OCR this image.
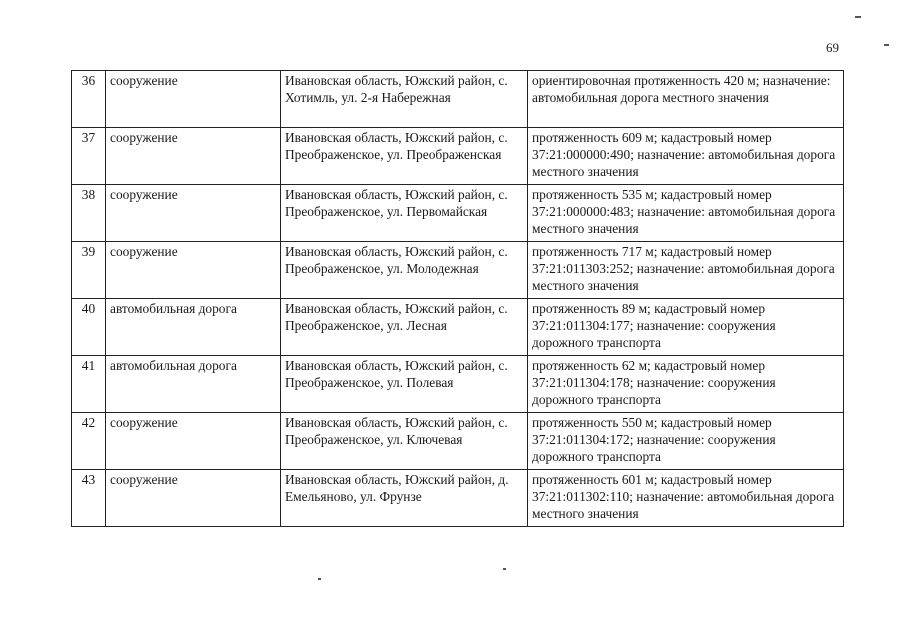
69
36	сооружение	Ивановская область, Южский район, с. Хотимль, ул. 2-я Набережная	ориентировочная протяженность 420 м; назначение: автомобильная дорога местного значения
37	сооружение	Ивановская область, Южский район, с. Преображенское, ул. Преображенская	протяженность 609 м; кадастровый номер 37:21:000000:490; назначение: автомобильная дорога местного значения
38	сооружение	Ивановская область, Южский район, с. Преображенское, ул. Первомайская	протяженность 535 м; кадастровый номер 37:21:000000:483; назначение: автомобильная дорога местного значения
39	сооружение	Ивановская область, Южский район, с. Преображенское, ул. Молодежная	протяженность 717 м; кадастровый номер 37:21:011303:252; назначение: автомобильная дорога местного значения
40	автомобильная дорога	Ивановская область, Южский район, с. Преображенское, ул. Лесная	протяженность 89 м; кадастровый номер 37:21:011304:177; назначение: сооружения дорожного транспорта
41	автомобильная дорога	Ивановская область, Южский район, с. Преображенское, ул. Полевая	протяженность 62 м; кадастровый номер 37:21:011304:178; назначение: сооружения дорожного транспорта
42	сооружение	Ивановская область, Южский район, с. Преображенское, ул. Ключевая	протяженность 550 м; кадастровый номер 37:21:011304:172; назначение: сооружения дорожного транспорта
43	сооружение	Ивановская область, Южский район, д. Емельяново, ул. Фрунзе	протяженность 601 м; кадастровый номер 37:21:011302:110; назначение: автомобильная дорога местного значения
